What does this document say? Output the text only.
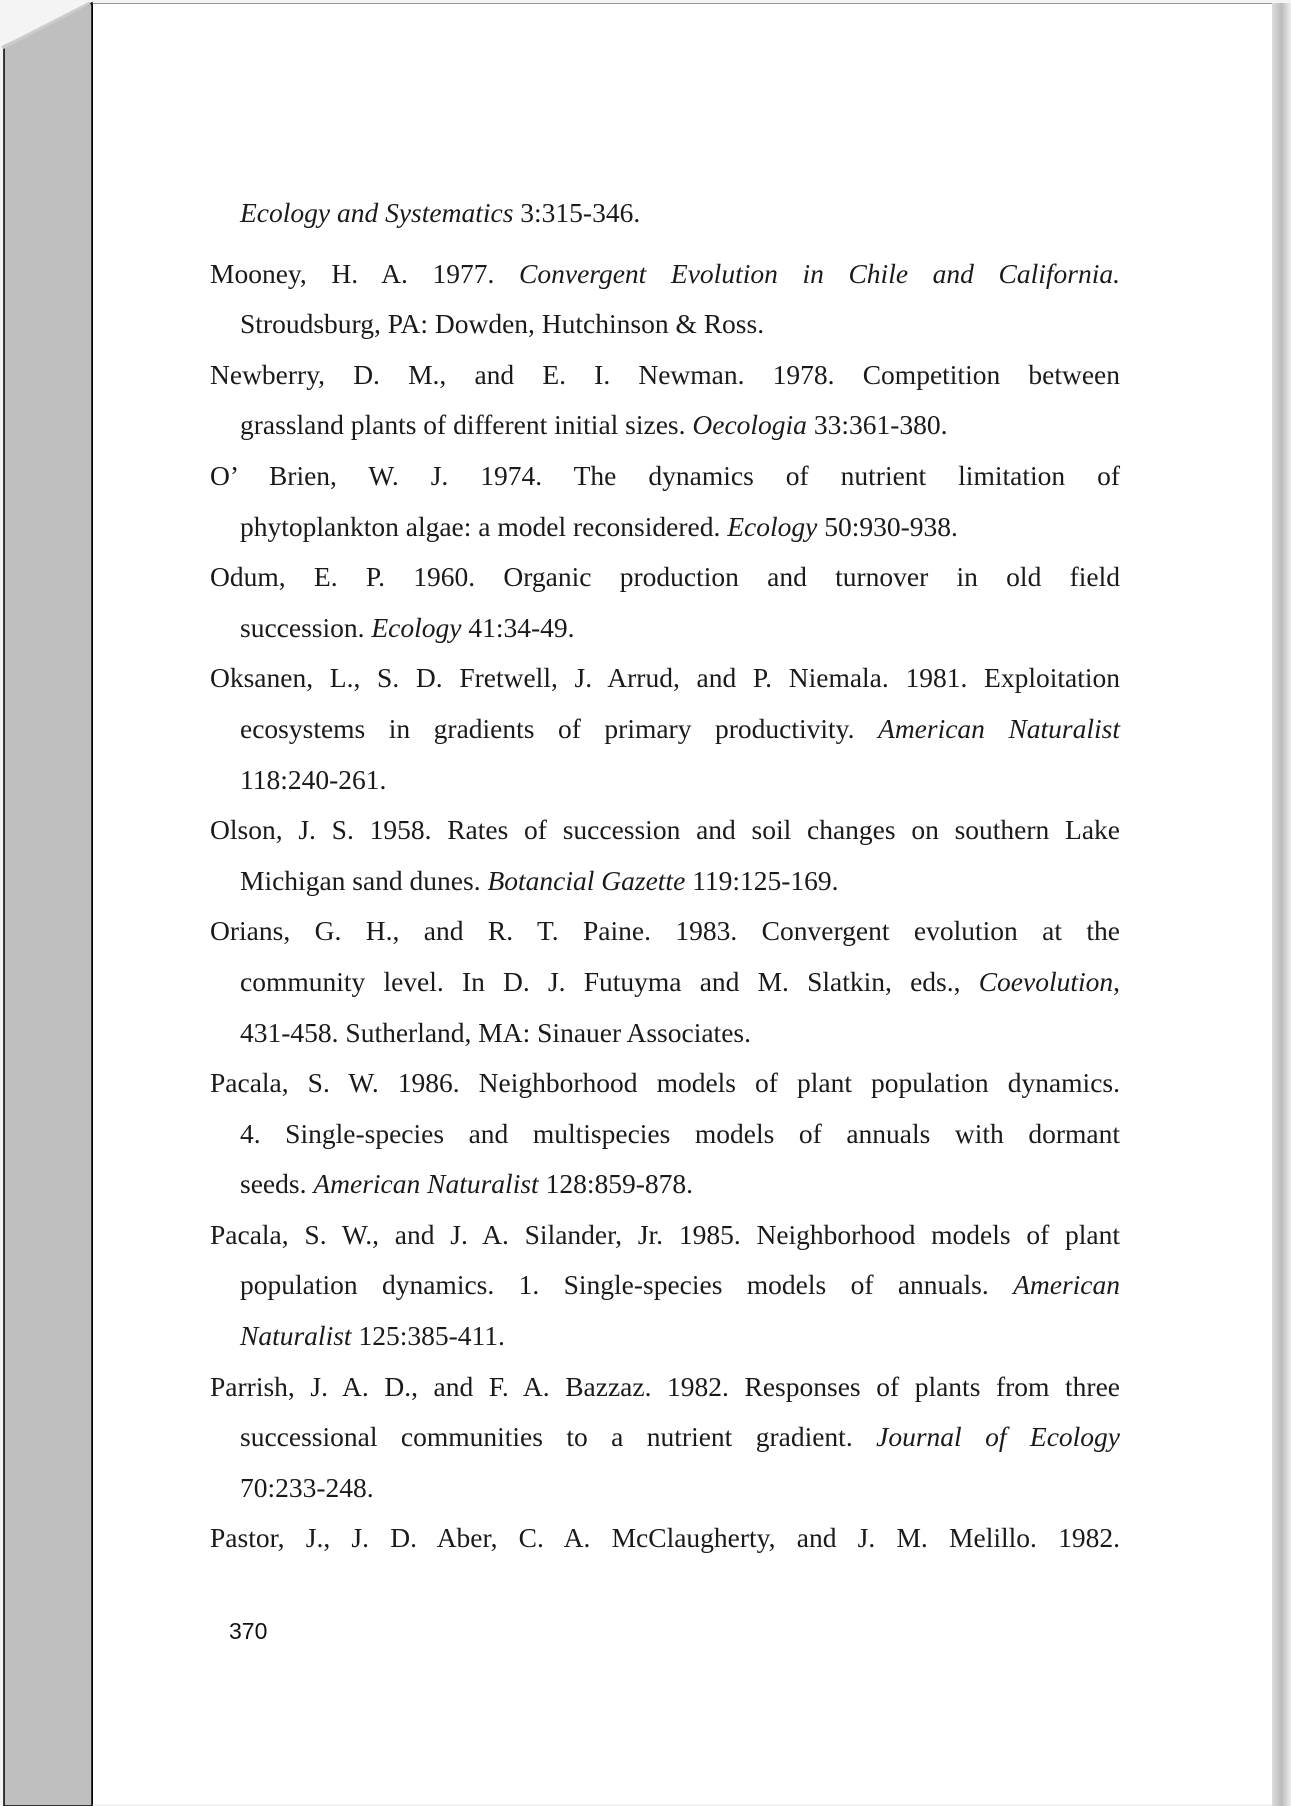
Ecology and Systematics 3:315-346.
Mooney, H. A. 1977. Convergent Evolution in Chile and California.
Stroudsburg, PA: Dowden, Hutchinson & Ross.
Newberry, D. M., and E. I. Newman. 1978. Competition between
grassland plants of different initial sizes. Oecologia 33:361-380.
O’ Brien, W. J. 1974. The dynamics of nutrient limitation of
phytoplankton algae: a model reconsidered. Ecology 50:930-938.
Odum, E. P. 1960. Organic production and turnover in old field
succession. Ecology 41:34-49.
Oksanen, L., S. D. Fretwell, J. Arrud, and P. Niemala. 1981. Exploitation
ecosystems in gradients of primary productivity. American Naturalist
118:240-261.
Olson, J. S. 1958. Rates of succession and soil changes on southern Lake
Michigan sand dunes. Botancial Gazette 119:125-169.
Orians, G. H., and R. T. Paine. 1983. Convergent evolution at the
community level. In D. J. Futuyma and M. Slatkin, eds., Coevolution,
431-458. Sutherland, MA: Sinauer Associates.
Pacala, S. W. 1986. Neighborhood models of plant population dynamics.
4. Single-species and multispecies models of annuals with dormant
seeds. American Naturalist 128:859-878.
Pacala, S. W., and J. A. Silander, Jr. 1985. Neighborhood models of plant
population dynamics. 1. Single-species models of annuals. American
Naturalist 125:385-411.
Parrish, J. A. D., and F. A. Bazzaz. 1982. Responses of plants from three
successional communities to a nutrient gradient. Journal of Ecology
70:233-248.
Pastor, J., J. D. Aber, C. A. McClaugherty, and J. M. Melillo. 1982.
370
